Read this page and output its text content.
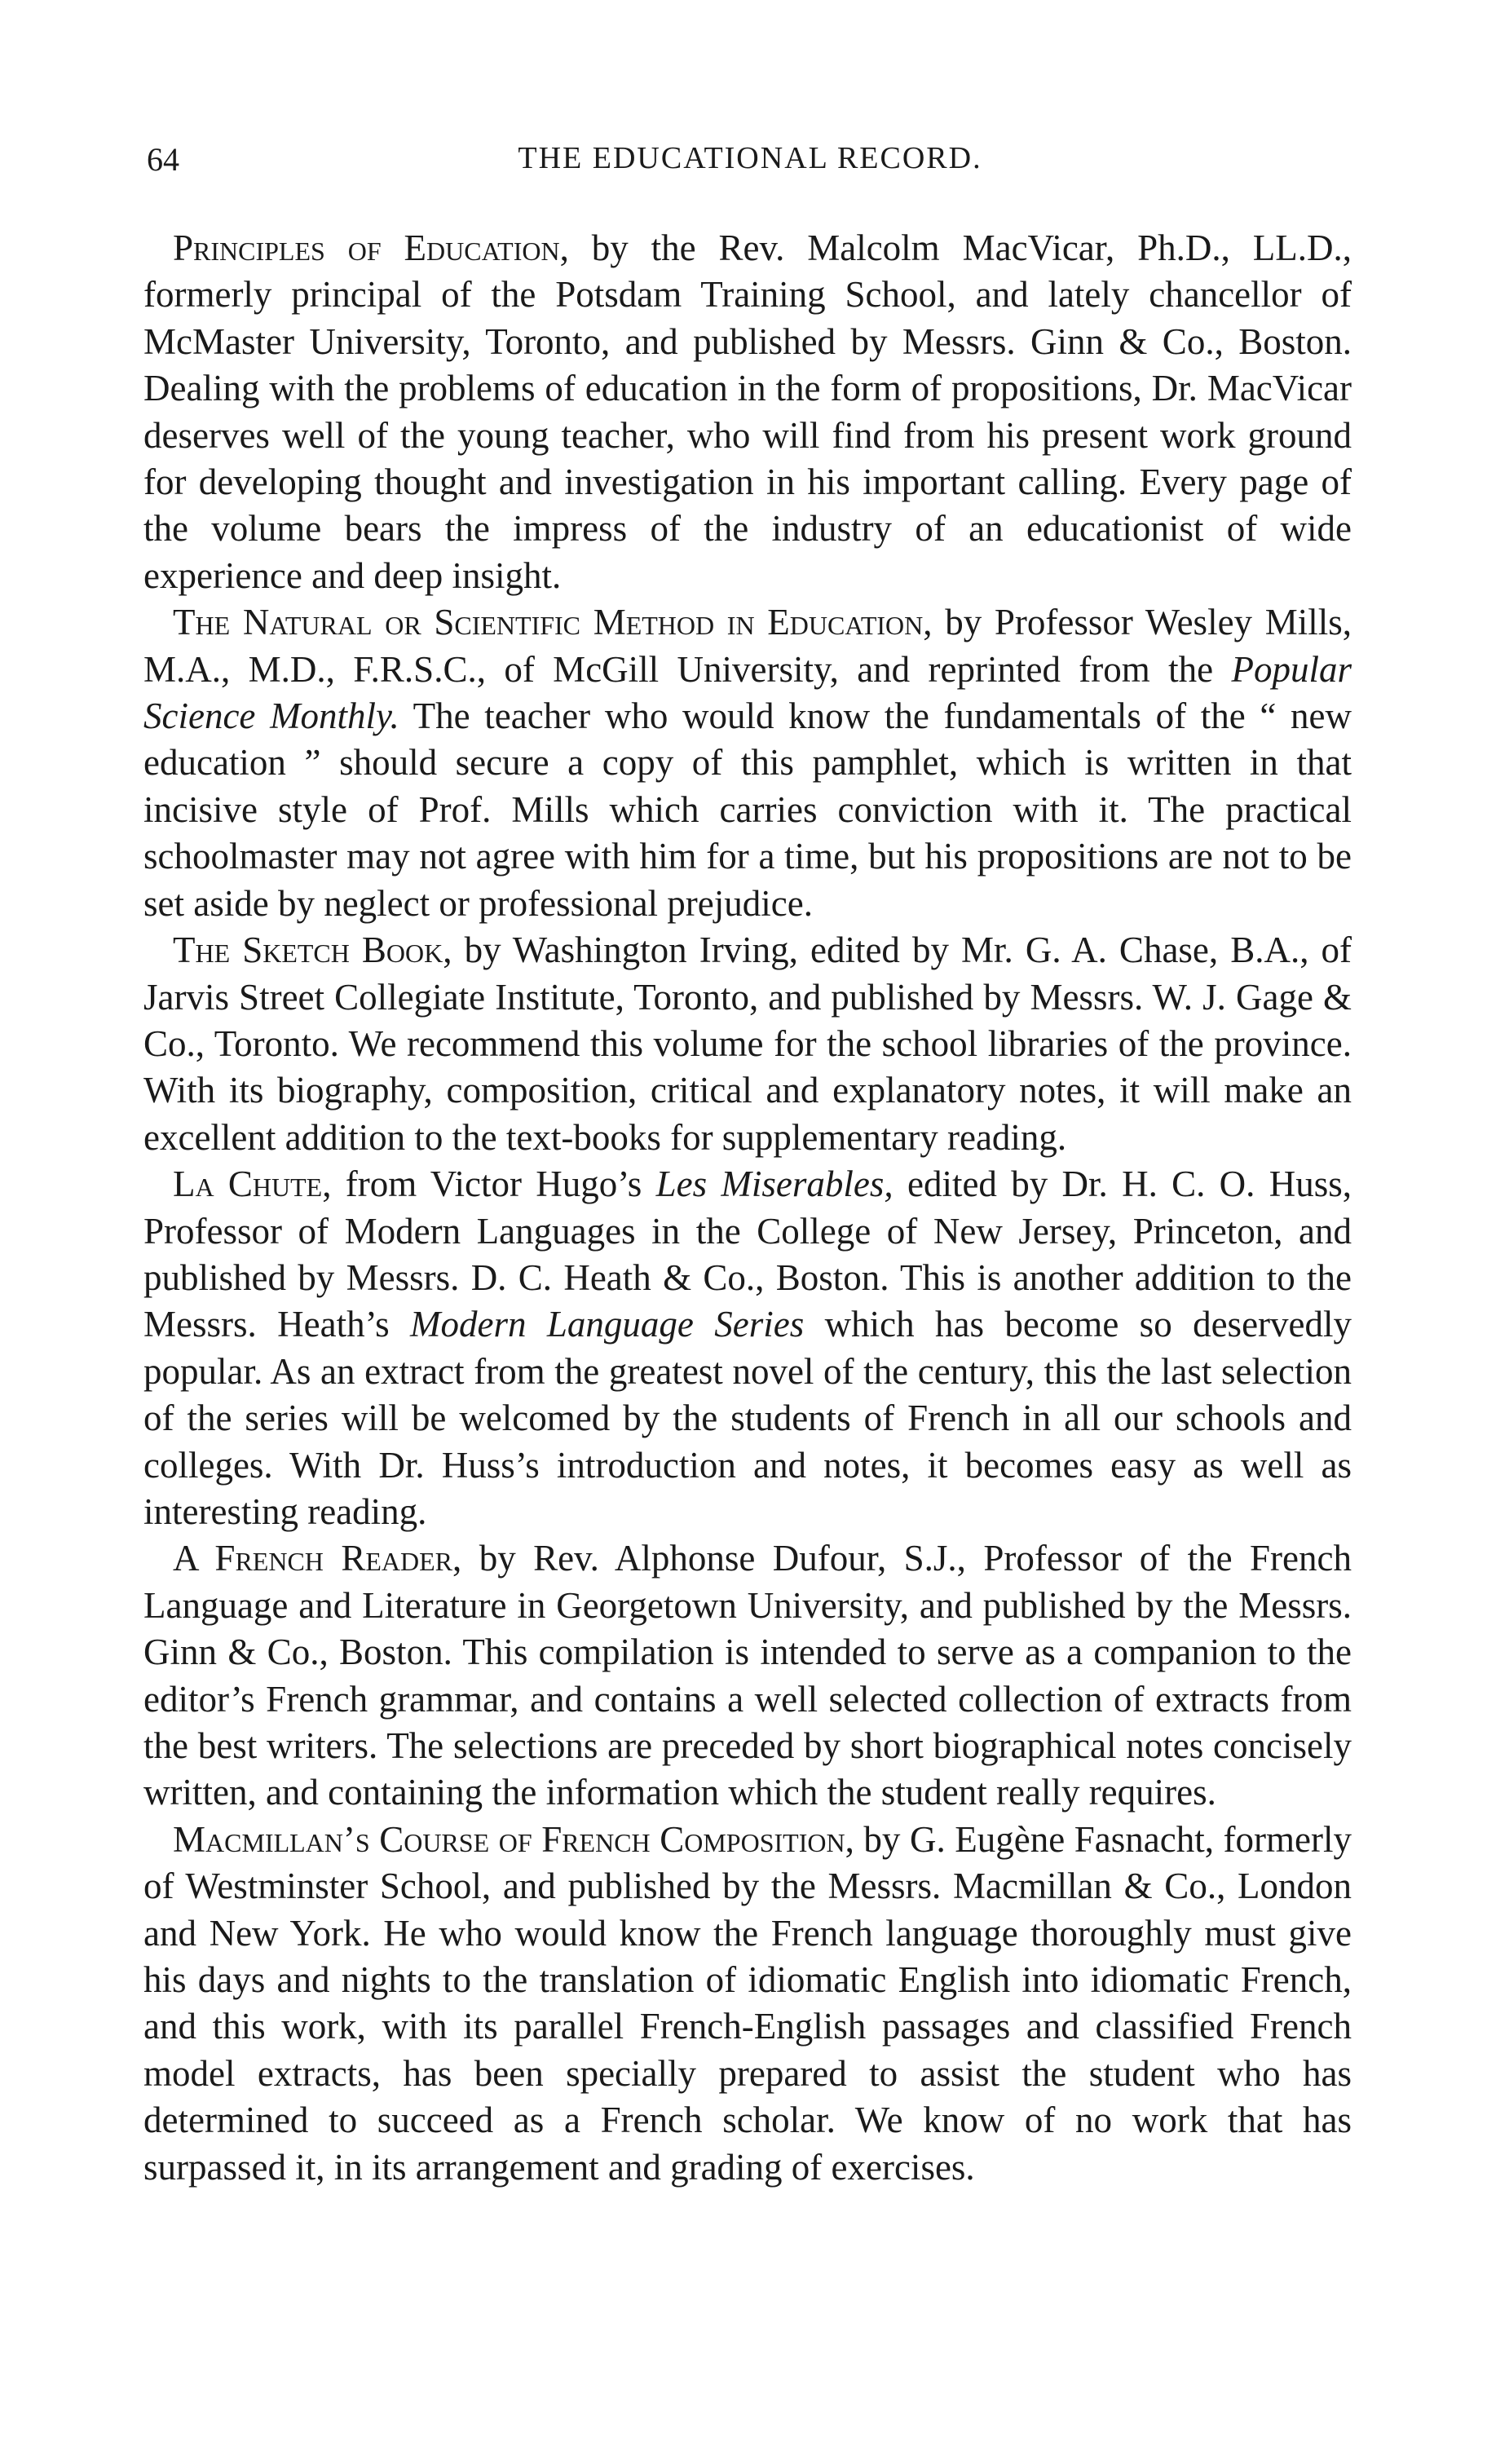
64	THE EDUCATIONAL RECORD.

Principles of Education, by the Rev. Malcolm MacVicar, Ph.D., LL.D., formerly principal of the Potsdam Training School, and lately chancellor of McMaster University, Toronto, and published by Messrs. Ginn & Co., Boston. Dealing with the problems of education in the form of propositions, Dr. MacVicar deserves well of the young teacher, who will find from his present work ground for developing thought and investigation in his important calling. Every page of the volume bears the impress of the industry of an educationist of wide experience and deep insight.

The Natural or Scientific Method in Education, by Professor Wesley Mills, M.A., M.D., F.R.S.C., of McGill University, and reprinted from the Popular Science Monthly. The teacher who would know the fundamentals of the “ new education ” should secure a copy of this pamphlet, which is written in that incisive style of Prof. Mills which carries conviction with it. The practical schoolmaster may not agree with him for a time, but his propositions are not to be set aside by neglect or professional prejudice.

The Sketch Book, by Washington Irving, edited by Mr. G. A. Chase, B.A., of Jarvis Street Collegiate Institute, Toronto, and published by Messrs. W. J. Gage & Co., Toronto. We recommend this volume for the school libraries of the province. With its biography, composition, critical and explanatory notes, it will make an excellent addition to the text-books for supplementary reading.

La Chute, from Victor Hugo’s Les Miserables, edited by Dr. H. C. O. Huss, Professor of Modern Languages in the College of New Jersey, Princeton, and published by Messrs. D. C. Heath & Co., Boston. This is another addition to the Messrs. Heath’s Modern Language Series which has become so deservedly popular. As an extract from the greatest novel of the century, this the last selection of the series will be welcomed by the students of French in all our schools and colleges. With Dr. Huss’s introduction and notes, it becomes easy as well as interesting reading.

A French Reader, by Rev. Alphonse Dufour, S.J., Professor of the French Language and Literature in Georgetown University, and published by the Messrs. Ginn & Co., Boston. This compilation is intended to serve as a companion to the editor’s French grammar, and contains a well selected collection of extracts from the best writers. The selections are preceded by short biographical notes concisely written, and containing the information which the student really requires.

Macmillan’s Course of French Composition, by G. Eugène Fasnacht, formerly of Westminster School, and published by the Messrs. Macmillan & Co., London and New York. He who would know the French language thoroughly must give his days and nights to the translation of idiomatic English into idiomatic French, and this work, with its parallel French-English passages and classified French model extracts, has been specially prepared to assist the student who has determined to succeed as a French scholar. We know of no work that has surpassed it, in its arrangement and grading of exercises.
